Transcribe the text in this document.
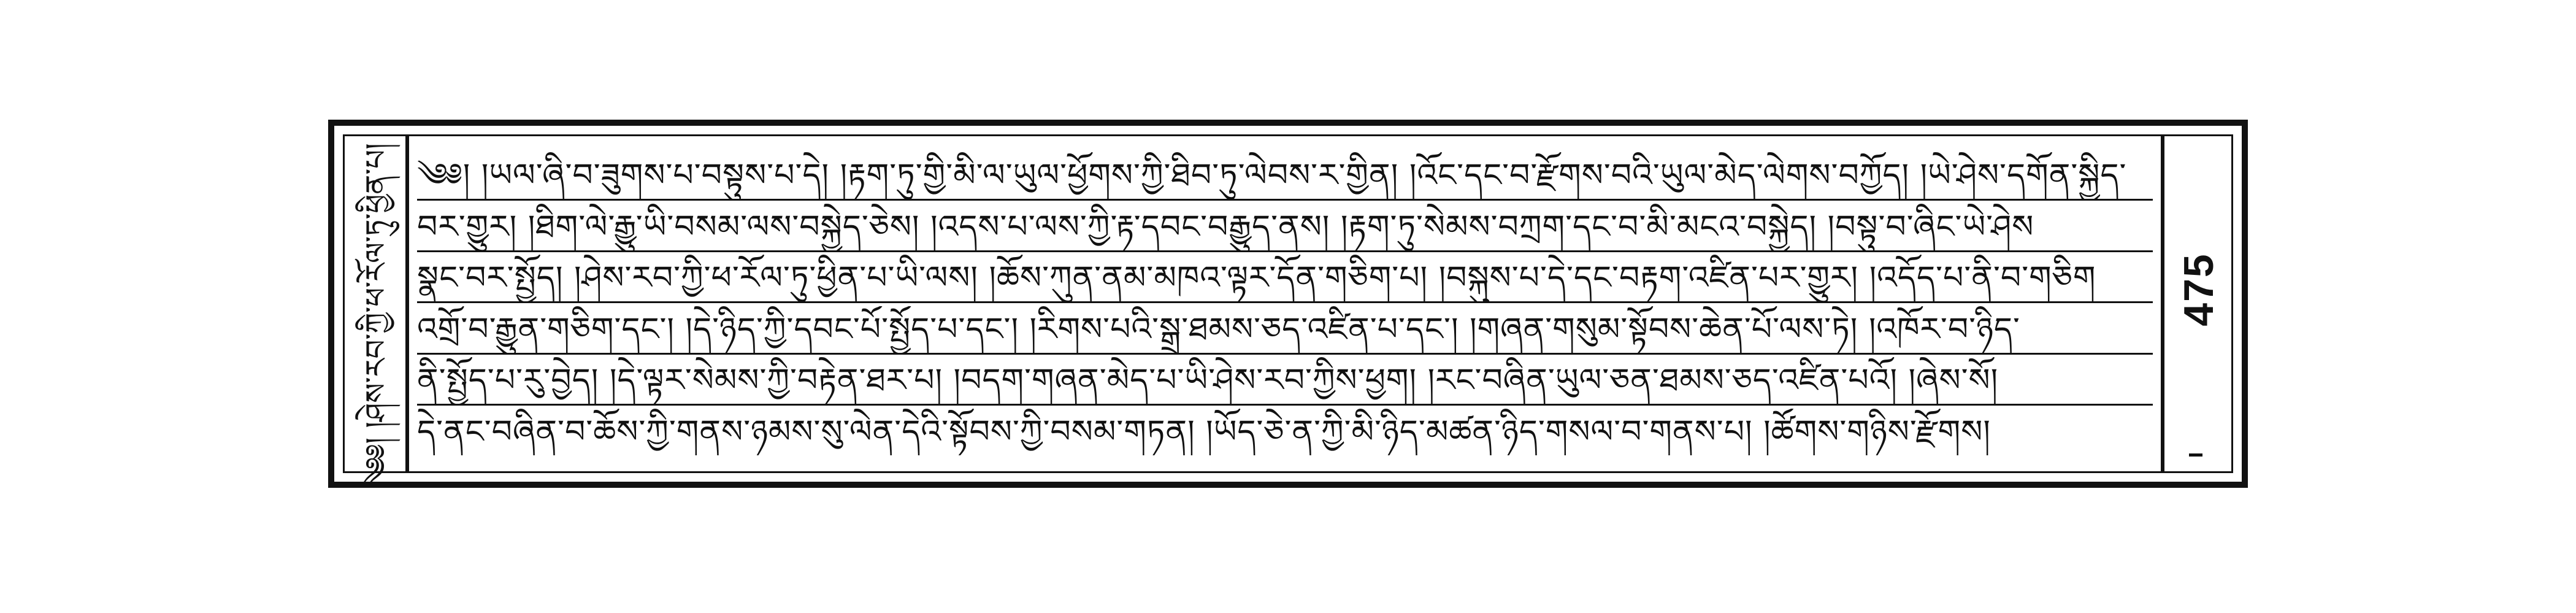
༄༅། །ཤེས་རབ་ཀྱི་ཕ་རོལ་ཏུ་ཕྱིན་པ། ༄༅། །ཡལ་ཞི་བ་ཟུགས་པ་བསྟུས་པ་དེ། །རྟག་ཏུ་གྱི་མི་ལ་ཡུལ་ཕྱོགས་ཀྱི་ཐིབ་ཏུ་ལེབས་ར་གྱིན། །འོང་དང་བ་རྫོགས་བའི་ཡུལ་མེད་ལེགས་བཀྱོད། །ཡེ་ཤེས་དགོན་སྐྱིད་
བར་གྱུར། །ཐིག་ལེ་རྒྱུ་ཡི་བསམ་ལས་བསྐྱེད་ཅེས། །འདས་པ་ལས་ཀྱི་རྟ་དབང་བརྒྱུད་ནས། །རྟག་ཏུ་སེམས་བཀྲག་དང་བ་མི་མངའ་བསྐྱེད། །བསྟུ་བ་ཞིང་ཡེ་ཤེས
སྣང་བར་སྤྱོད། །ཤེས་རབ་ཀྱི་ཕ་རོལ་ཏུ་ཕྱིན་པ་ཡི་ལས། །ཆོས་ཀུན་ནམ་མཁའ་ལྟར་དོན་གཅིག་པ། །བསྐུས་པ་དེ་དང་བརྟག་འཛིན་པར་གྱུར། །འདོད་པ་ནི་བ་གཅིག
འགྲོ་བ་རྒྱུན་གཅིག་དང་། །དེ་ཉིད་ཀྱི་དབང་པོ་སྤྱོད་པ་དང་། །རིགས་པའི་སྒྲ་ཐམས་ཅད་འཛིན་པ་དང་། །གཞན་གསུམ་སྟོབས་ཆེན་པོ་ལས་ཏེ། །འཁོར་བ་ཉིད་
ནི་སྤྱོད་པ་རུ་བྱེད། །དེ་ལྟར་སེམས་ཀྱི་བརྟེན་ཐར་པ། །བདག་གཞན་མེད་པ་ཡི་ཤེས་རབ་ཀྱིས་ཕྱག། །རང་བཞིན་ཡུལ་ཅན་ཐམས་ཅད་འཛིན་པའོ། །ཞེས་སོ།
དེ་ནང་བཞིན་བ་ཆོས་ཀྱི་གནས་ཉམས་སུ་ལེན་དེའི་སྟོབས་ཀྱི་བསམ་གཏན། །ཡོད་ཅེ་ན་ཀྱི་མི་ཉིད་མཚན་ཉིད་གསལ་བ་གནས་པ། །ཚོགས་གཉིས་རྫོགས།
475
